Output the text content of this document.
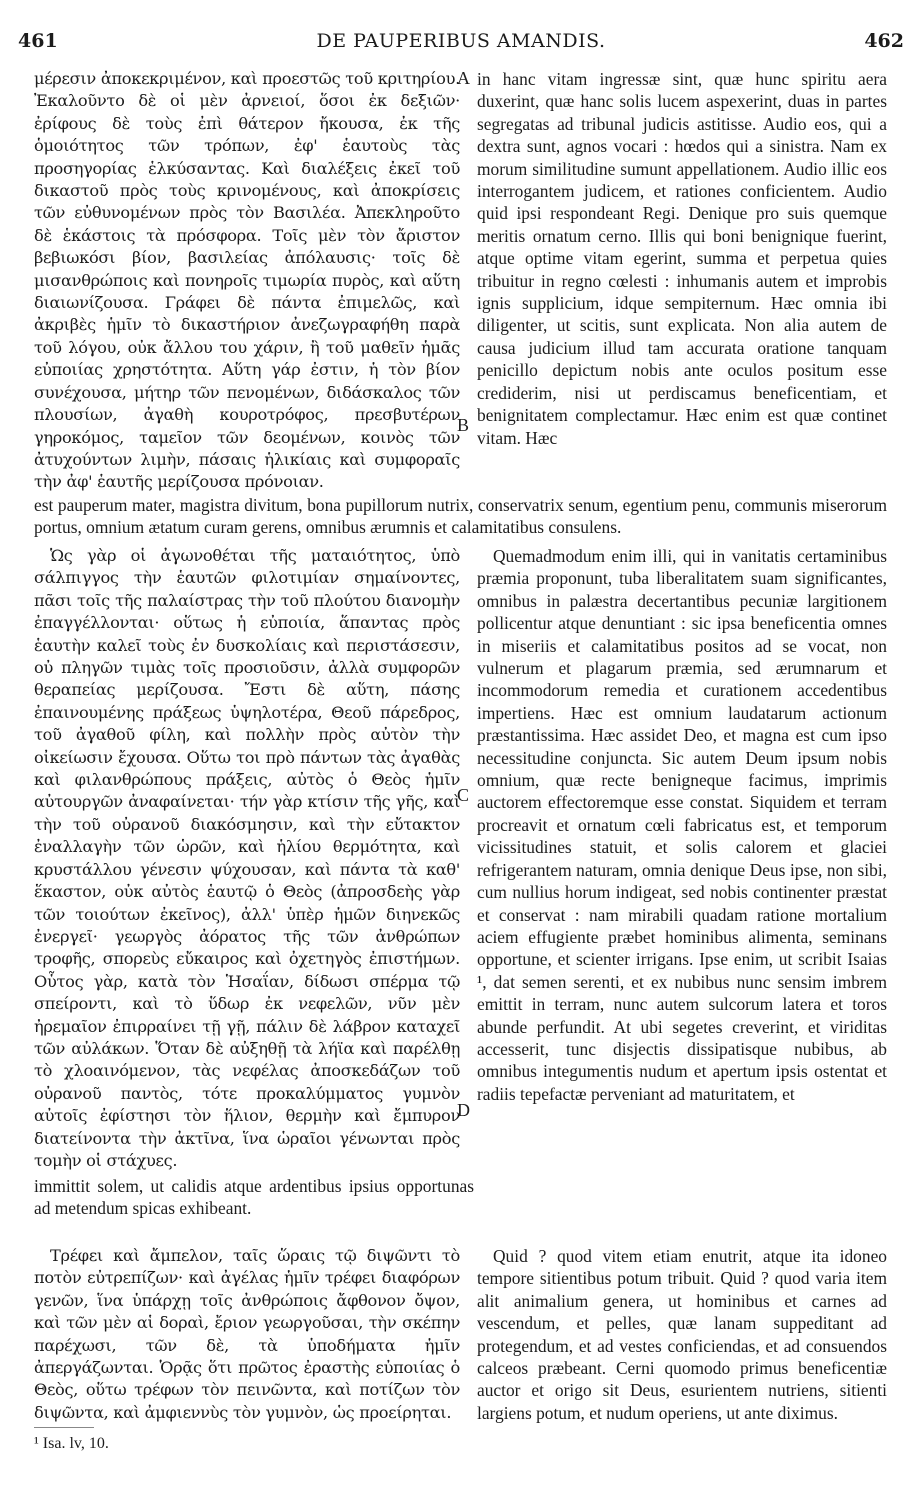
461	DE PAUPERIBUS AMANDIS.	462

μέρεσιν ἀποκεκριμένον, καὶ προεστῶς τοῦ κριτηρίου. Ἐκαλοῦντο δὲ οἱ μὲν ἀρνειοί, ὅσοι ἐκ δεξιῶν· ἐρίφους δὲ τοὺς ἐπὶ θάτερον ἤκουσα, ἐκ τῆς ὁμοιότητος τῶν τρόπων, ἐφ' ἑαυτοὺς τὰς προσηγορίας ἑλκύσαντας. Καὶ διαλέξεις ἐκεῖ τοῦ δικαστοῦ πρὸς τοὺς κρινομένους, καὶ ἀποκρίσεις τῶν εὐθυνομένων πρὸς τὸν Βασιλέα. Ἀπεκληροῦτο δὲ ἑκάστοις τὰ πρόσφορα. Τοῖς μὲν τὸν ἄριστον βεβιωκόσι βίον, βασιλείας ἀπόλαυσις· τοῖς δὲ μισανθρώποις καὶ πονηροῖς τιμωρία πυρὸς, καὶ αὕτη διαιωνίζουσα. Γράφει δὲ πάντα ἐπιμελῶς, καὶ ἀκριβὲς ἡμῖν τὸ δικαστήριον ἀνεζωγραφήθη παρὰ τοῦ λόγου, οὐκ ἄλλου του χάριν, ἢ τοῦ μαθεῖν ἡμᾶς εὐποιίας χρηστότητα. Αὕτη γάρ ἐστιν, ἡ τὸν βίον συνέχουσα, μήτηρ τῶν πενομένων, διδάσκαλος τῶν πλουσίων, ἀγαθὴ κουροτρόφος, πρεσβυτέρων γηροκόμος, ταμεῖον τῶν δεομένων, κοινὸς τῶν ἀτυχούντων λιμὴν, πάσαις ἡλικίαις καὶ συμφοραῖς τὴν ἀφ' ἑαυτῆς μερίζουσα πρόνοιαν.

A
B

in hanc vitam ingressæ sint, quæ hunc spiritu aera duxerint, quæ hanc solis lucem aspexerint, duas in partes segregatas ad tribunal judicis astitisse. Audio eos, qui a dextra sunt, agnos vocari : hœdos qui a sinistra. Nam ex morum similitudine sumunt appellationem. Audio illic eos interrogantem judicem, et rationes conficientem. Audio quid ipsi respondeant Regi. Denique pro suis quemque meritis ornatum cerno. Illis qui boni benignique fuerint, atque optime vitam egerint, summa et perpetua quies tribuitur in regno cœlesti : inhumanis autem et improbis ignis supplicium, idque sempiternum. Hæc omnia ibi diligenter, ut scitis, sunt explicata. Non alia autem de causa judicium illud tam accurata oratione tanquam penicillo depictum nobis ante oculos positum esse crediderim, nisi ut perdiscamus beneficentiam, et benignitatem complectamur. Hæc enim est quæ continet vitam. Hæc

est pauperum mater, magistra divitum, bona pupillorum nutrix, conservatrix senum, egentium penu, communis miserorum portus, omnium ætatum curam gerens, omnibus ærumnis et calamitatibus consulens.

Ὡς γὰρ οἱ ἀγωνοθέται τῆς ματαιότητος, ὑπὸ σάλπιγγος τὴν ἑαυτῶν φιλοτιμίαν σημαίνοντες, πᾶσι τοῖς τῆς παλαίστρας τὴν τοῦ πλούτου διανομὴν ἐπαγγέλλονται· οὕτως ἡ εὐποιία, ἅπαντας πρὸς ἑαυτὴν καλεῖ τοὺς ἐν δυσκολίαις καὶ περιστάσεσιν, οὐ πληγῶν τιμὰς τοῖς προσιοῦσιν, ἀλλὰ συμφορῶν θεραπείας μερίζουσα. Ἔστι δὲ αὕτη, πάσης ἐπαινουμένης πράξεως ὑψηλοτέρα, Θεοῦ πάρεδρος, τοῦ ἀγαθοῦ φίλη, καὶ πολλὴν πρὸς αὐτὸν τὴν οἰκείωσιν ἔχουσα. Οὕτω τοι πρὸ πάντων τὰς ἀγαθὰς καὶ φιλανθρώπους πράξεις, αὐτὸς ὁ Θεὸς ἡμῖν αὐτουργῶν ἀναφαίνεται· τήν γὰρ κτίσιν τῆς γῆς, καὶ τὴν τοῦ οὐρανοῦ διακόσμησιν, καὶ τὴν εὔτακτον ἐναλλαγὴν τῶν ὡρῶν, καὶ ἡλίου θερμότητα, καὶ κρυστάλλου γένεσιν ψύχουσαν, καὶ πάντα τὰ καθ' ἕκαστον, οὐκ αὐτὸς ἑαυτῷ ὁ Θεὸς (ἀπροσδεὴς γὰρ τῶν τοιούτων ἐκεῖνος), ἀλλ' ὑπὲρ ἡμῶν διηνεκῶς ἐνεργεῖ· γεωργὸς ἀόρατος τῆς τῶν ἀνθρώπων τροφῆς, σπορεὺς εὔκαιρος καὶ ὀχετηγὸς ἐπιστήμων. Οὗτος γὰρ, κατὰ τὸν Ἡσαΐαν, δίδωσι σπέρμα τῷ σπείροντι, καὶ τὸ ὕδωρ ἐκ νεφελῶν, νῦν μὲν ἠρεμαῖον ἐπιρραίνει τῇ γῇ, πάλιν δὲ λάβρον καταχεῖ τῶν αὐλάκων. Ὅταν δὲ αὐξηθῇ τὰ λήϊα καὶ παρέλθῃ τὸ χλοαινόμενον, τὰς νεφέλας ἀποσκεδάζων τοῦ οὐρανοῦ παντὸς, τότε προκαλύμματος γυμνὸν αὐτοῖς ἐφίστησι τὸν ἥλιον, θερμὴν καὶ ἔμπυρον διατείνοντα τὴν ἀκτῖνα, ἵνα ὡραῖοι γένωνται πρὸς τομὴν οἱ στάχυες.

C
D

Quemadmodum enim illi, qui in vanitatis certaminibus præmia proponunt, tuba liberalitatem suam significantes, omnibus in palæstra decertantibus pecuniæ largitionem pollicentur atque denuntiant : sic ipsa beneficentia omnes in miseriis et calamitatibus positos ad se vocat, non vulnerum et plagarum præmia, sed ærumnarum et incommodorum remedia et curationem accedentibus impertiens. Hæc est omnium laudatarum actionum præstantissima. Hæc assidet Deo, et magna est cum ipso necessitudine conjuncta. Sic autem Deum ipsum nobis omnium, quæ recte benigneque facimus, imprimis auctorem effectoremque esse constat. Siquidem et terram procreavit et ornatum cœli fabricatus est, et temporum vicissitudines statuit, et solis calorem et glaciei refrigerantem naturam, omnia denique Deus ipse, non sibi, cum nullius horum indigeat, sed nobis continenter præstat et conservat : nam mirabili quadam ratione mortalium aciem effugiente præbet hominibus alimenta, seminans opportune, et scienter irrigans. Ipse enim, ut scribit Isaias ¹, dat semen serenti, et ex nubibus nunc sensim imbrem emittit in terram, nunc autem sulcorum latera et toros abunde perfundit. At ubi segetes creverint, et viriditas accesserit, tunc disjectis dissipatisque nubibus, ab omnibus integumentis nudum et apertum ipsis ostentat et radiis tepefactæ perveniant ad maturitatem, et

immittit solem, ut calidis atque ardentibus ipsius opportunas ad metendum spicas exhibeant.

Τρέφει καὶ ἄμπελον, ταῖς ὥραις τῷ διψῶντι τὸ ποτὸν εὐτρεπίζων· καὶ ἀγέλας ἡμῖν τρέφει διαφόρων γενῶν, ἵνα ὑπάρχῃ τοῖς ἀνθρώποις ἄφθονον ὄψον, καὶ τῶν μὲν αἱ δοραὶ, ἔριον γεωργοῦσαι, τὴν σκέπην παρέχωσι, τῶν δὲ, τὰ ὑποδήματα ἡμῖν ἀπεργάζωνται. Ὁρᾷς ὅτι πρῶτος ἐραστὴς εὐποιίας ὁ Θεὸς, οὕτω τρέφων τὸν πεινῶντα, καὶ ποτίζων τὸν διψῶντα, καὶ ἀμφιεννὺς τὸν γυμνὸν, ὡς προείρηται.

Quid ? quod vitem etiam enutrit, atque ita idoneo tempore sitientibus potum tribuit. Quid ? quod varia item alit animalium genera, ut hominibus et carnes ad vescendum, et pelles, quæ lanam suppeditant ad protegendum, et ad vestes conficiendas, et ad consuendos calceos præbeant. Cerni quomodo primus beneficentiæ auctor et origo sit Deus, esurientem nutriens, sitienti largiens potum, et nudum operiens, ut ante diximus.

¹ Isa. lv, 10.
